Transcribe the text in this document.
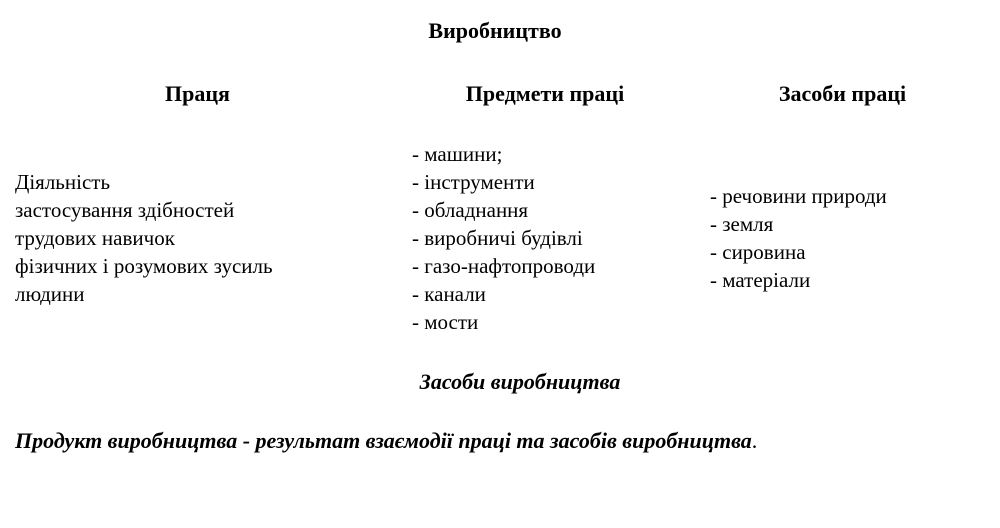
Виробництво
Праця	Предмети праці	Засоби праці
Діяльність
застосування здібностей
трудових навичок
фізичних і розумових зусиль
людини
- машини;
- інструменти
- обладнання
- виробничі будівлі
- газо-нафтопроводи
- канали
- мости
- речовини природи
- земля
- сировина
- матеріали
Засоби виробництва
Продукт виробництва - результат взаємодії праці та засобів виробництва.
